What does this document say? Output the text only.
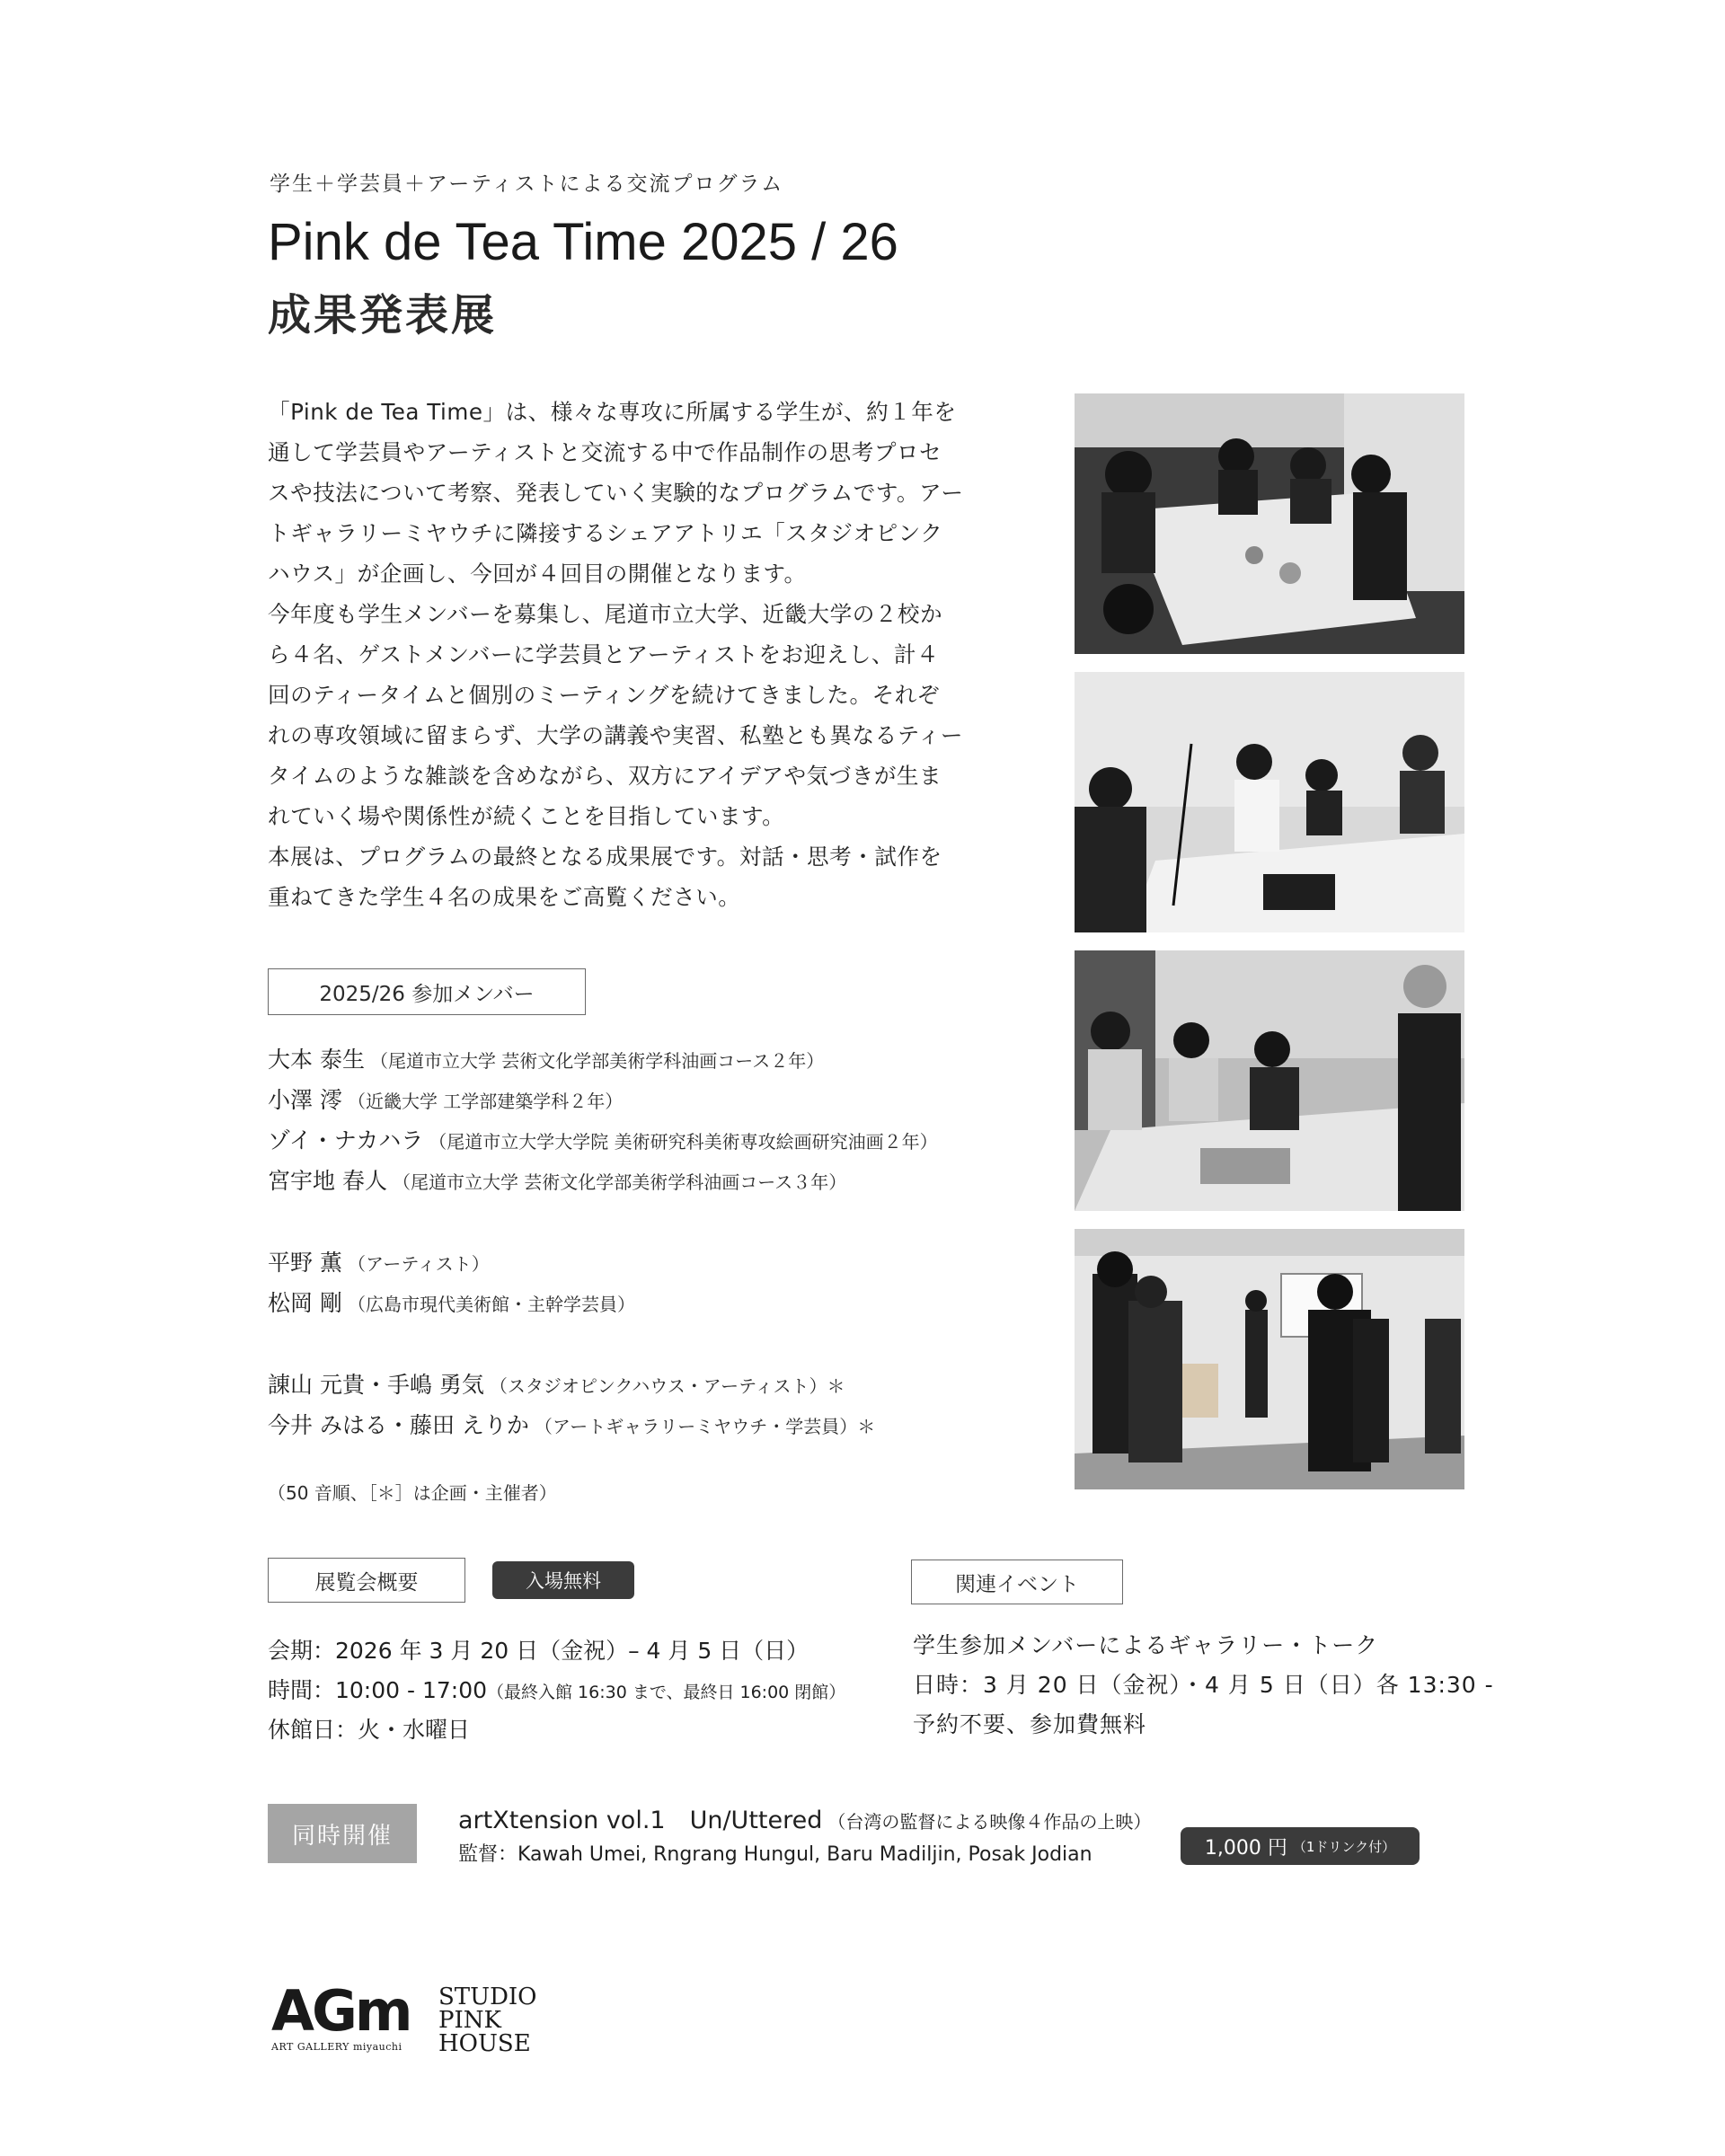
学生＋学芸員＋アーティストによる交流プログラム
Pink de Tea Time 2025 / 26
成果発表展

「Pink de Tea Time」は、様々な専攻に所属する学生が、約１年を

通して学芸員やアーティストと交流する中で作品制作の思考プロセ

スや技法について考察、発表していく実験的なプログラムです。アー

トギャラリーミヤウチに隣接するシェアアトリエ「スタジオピンク

ハウス」が企画し、今回が４回目の開催となります。

今年度も学生メンバーを募集し、尾道市立大学、近畿大学の２校か

ら４名、ゲストメンバーに学芸員とアーティストをお迎えし、計４

回のティータイムと個別のミーティングを続けてきました。それぞ

れの専攻領域に留まらず、大学の講義や実習、私塾とも異なるティー

タイムのような雑談を含めながら、双方にアイデアや気づきが生ま

れていく場や関係性が続くことを目指しています。

本展は、プログラムの最終となる成果展です。対話・思考・試作を

重ねてきた学生４名の成果をご高覧ください。

2025/26 参加メンバー
大本 泰生 （尾道市立大学 芸術文化学部美術学科油画コース２年）
小澤 澪 （近畿大学 工学部建築学科２年）
ゾイ・ナカハラ （尾道市立大学大学院 美術研究科美術専攻絵画研究油画２年）
宮宇地 春人 （尾道市立大学 芸術文化学部美術学科油画コース３年）
平野 薫 （アーティスト）
松岡 剛 （広島市現代美術館・主幹学芸員）
諌山 元貴・手嶋 勇気 （スタジオピンクハウス・アーティスト）＊
今井 みはる・藤田 えりか （アートギャラリーミヤウチ・学芸員）＊
（50 音順、［＊］は企画・主催者）
展覧会概要	入場無料
会期：2026 年 3 月 20 日（金祝）– 4 月 5 日（日）
時間：10:00 - 17:00（最終入館 16:30 まで、最終日 16:00 閉館）
休館日：火・水曜日
関連イベント
学生参加メンバーによるギャラリー・トーク
日時：3 月 20 日（金祝）・4 月 5 日（日）各 13:30 -
予約不要、参加費無料
同時開催
artXtension vol.1　Un/Uttered （台湾の監督による映像４作品の上映）
監督：Kawah Umei, Rngrang Hungul, Baru Madiljin, Posak Jodian	1,000 円 （1ドリンク付）
AGm
ART GALLERY miyauchi
STUDIO
PINK
HOUSE
